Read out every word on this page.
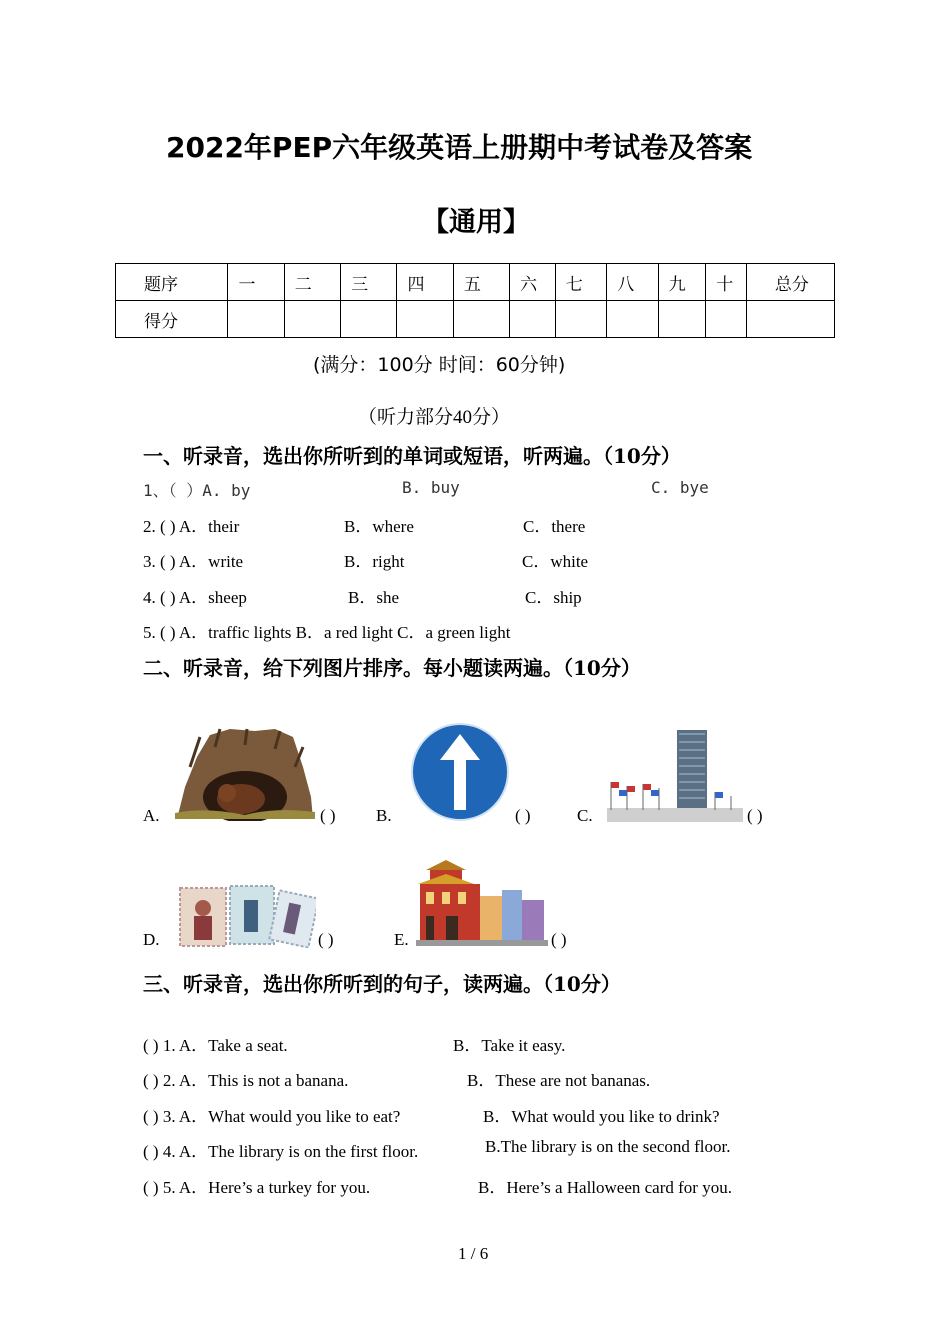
2022年PEP六年级英语上册期中考试卷及答案
【通用】
题序	一	二	三	四	五	六	七	八	九	十	总分
得分											
(满分：100分 时间：60分钟)
（听力部分40分）
一、听录音，选出你所听到的单词或短语，听两遍。（10分）
1、（ ）A. by	B. buy	C. bye
2. ( ) A．their	B．where	C．there
3. ( ) A．write	B．right	C．white
4. ( ) A．sheep	B．she	C．ship
5. ( ) A．traffic lights B．a red light C．a green light
二、听录音，给下列图片排序。每小题读两遍。（10分）
A.	( ) B.	( )	C.	( )
D.	( )	E.	( )
三、听录音，选出你所听到的句子，读两遍。（10分）
( ) 1. A．Take a seat.	B．Take it easy.
( ) 2. A．This is not a banana.	B．These are not bananas.
( ) 3. A．What would you like to eat?	B．What would you like to drink?
( ) 4. A．The library is on the first floor.	B.The library is on the second floor.
( ) 5. A．Here’s a turkey for you.	B．Here’s a Halloween card for you.
1 / 6
